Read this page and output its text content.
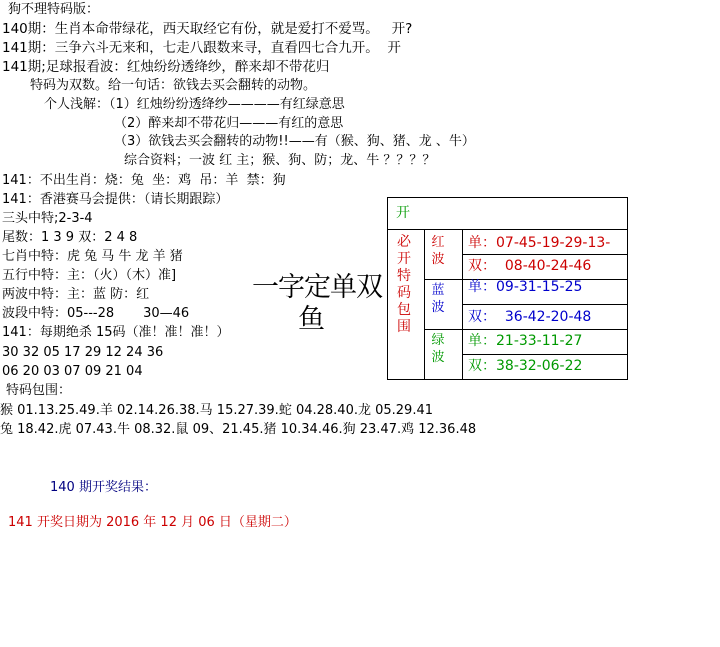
狗不理特码版：
140期：生肖本命带绿花，西天取经它有份，就是爱打不爱骂。   开?
141期：三争六斗无来和，七走八跟数来寻，直看四七合九开。  开
141期;足球报看波：红烛纷纷透绛纱，醉来却不带花归
特码为双数。给一句话：欲钱去买会翻转的动物。
个人浅解：（1）红烛纷纷透绛纱————有红绿意思
（2）醉来却不带花归———有红的意思
（3）欲钱去买会翻转的动物!!——有（猴、狗、猪、龙 、牛）
综合资料；一波 红 主；猴、狗、防；龙、牛 ？？？？
141：不出生肖：烧：兔  坐：鸡  吊：羊  禁：狗
141：香港赛马会提供：（请长期跟踪）
三头中特;2-3-4
尾数：1 3 9 双：2 4 8
七肖中特：虎 兔 马 牛 龙 羊 猪
五行中特：主：（火）（木）准]
两波中特：主：蓝 防：红
波段中特：05---28       30—46
141：每期绝杀 15码（准！准！准！）
30 32 05 17 29 12 24 36
06 20 03 07 09 21 04
特码包围：
猴 01.13.25.49.羊 02.14.26.38.马 15.27.39.蛇 04.28.40.龙 05.29.41
兔 18.42.虎 07.43.牛 08.32.鼠 09、21.45.猪 10.34.46.狗 23.47.鸡 12.36.48
140 期开奖结果：
141 开奖日期为 2016 年 12 月 06 日（星期二）
一字定单双
鱼
开
必开特码包围
红波
蓝波
绿波
单：07-45-19-29-13-
双：  08-40-24-46
单：09-31-15-25
双：  36-42-20-48
单：21-33-11-27
双：38-32-06-22
